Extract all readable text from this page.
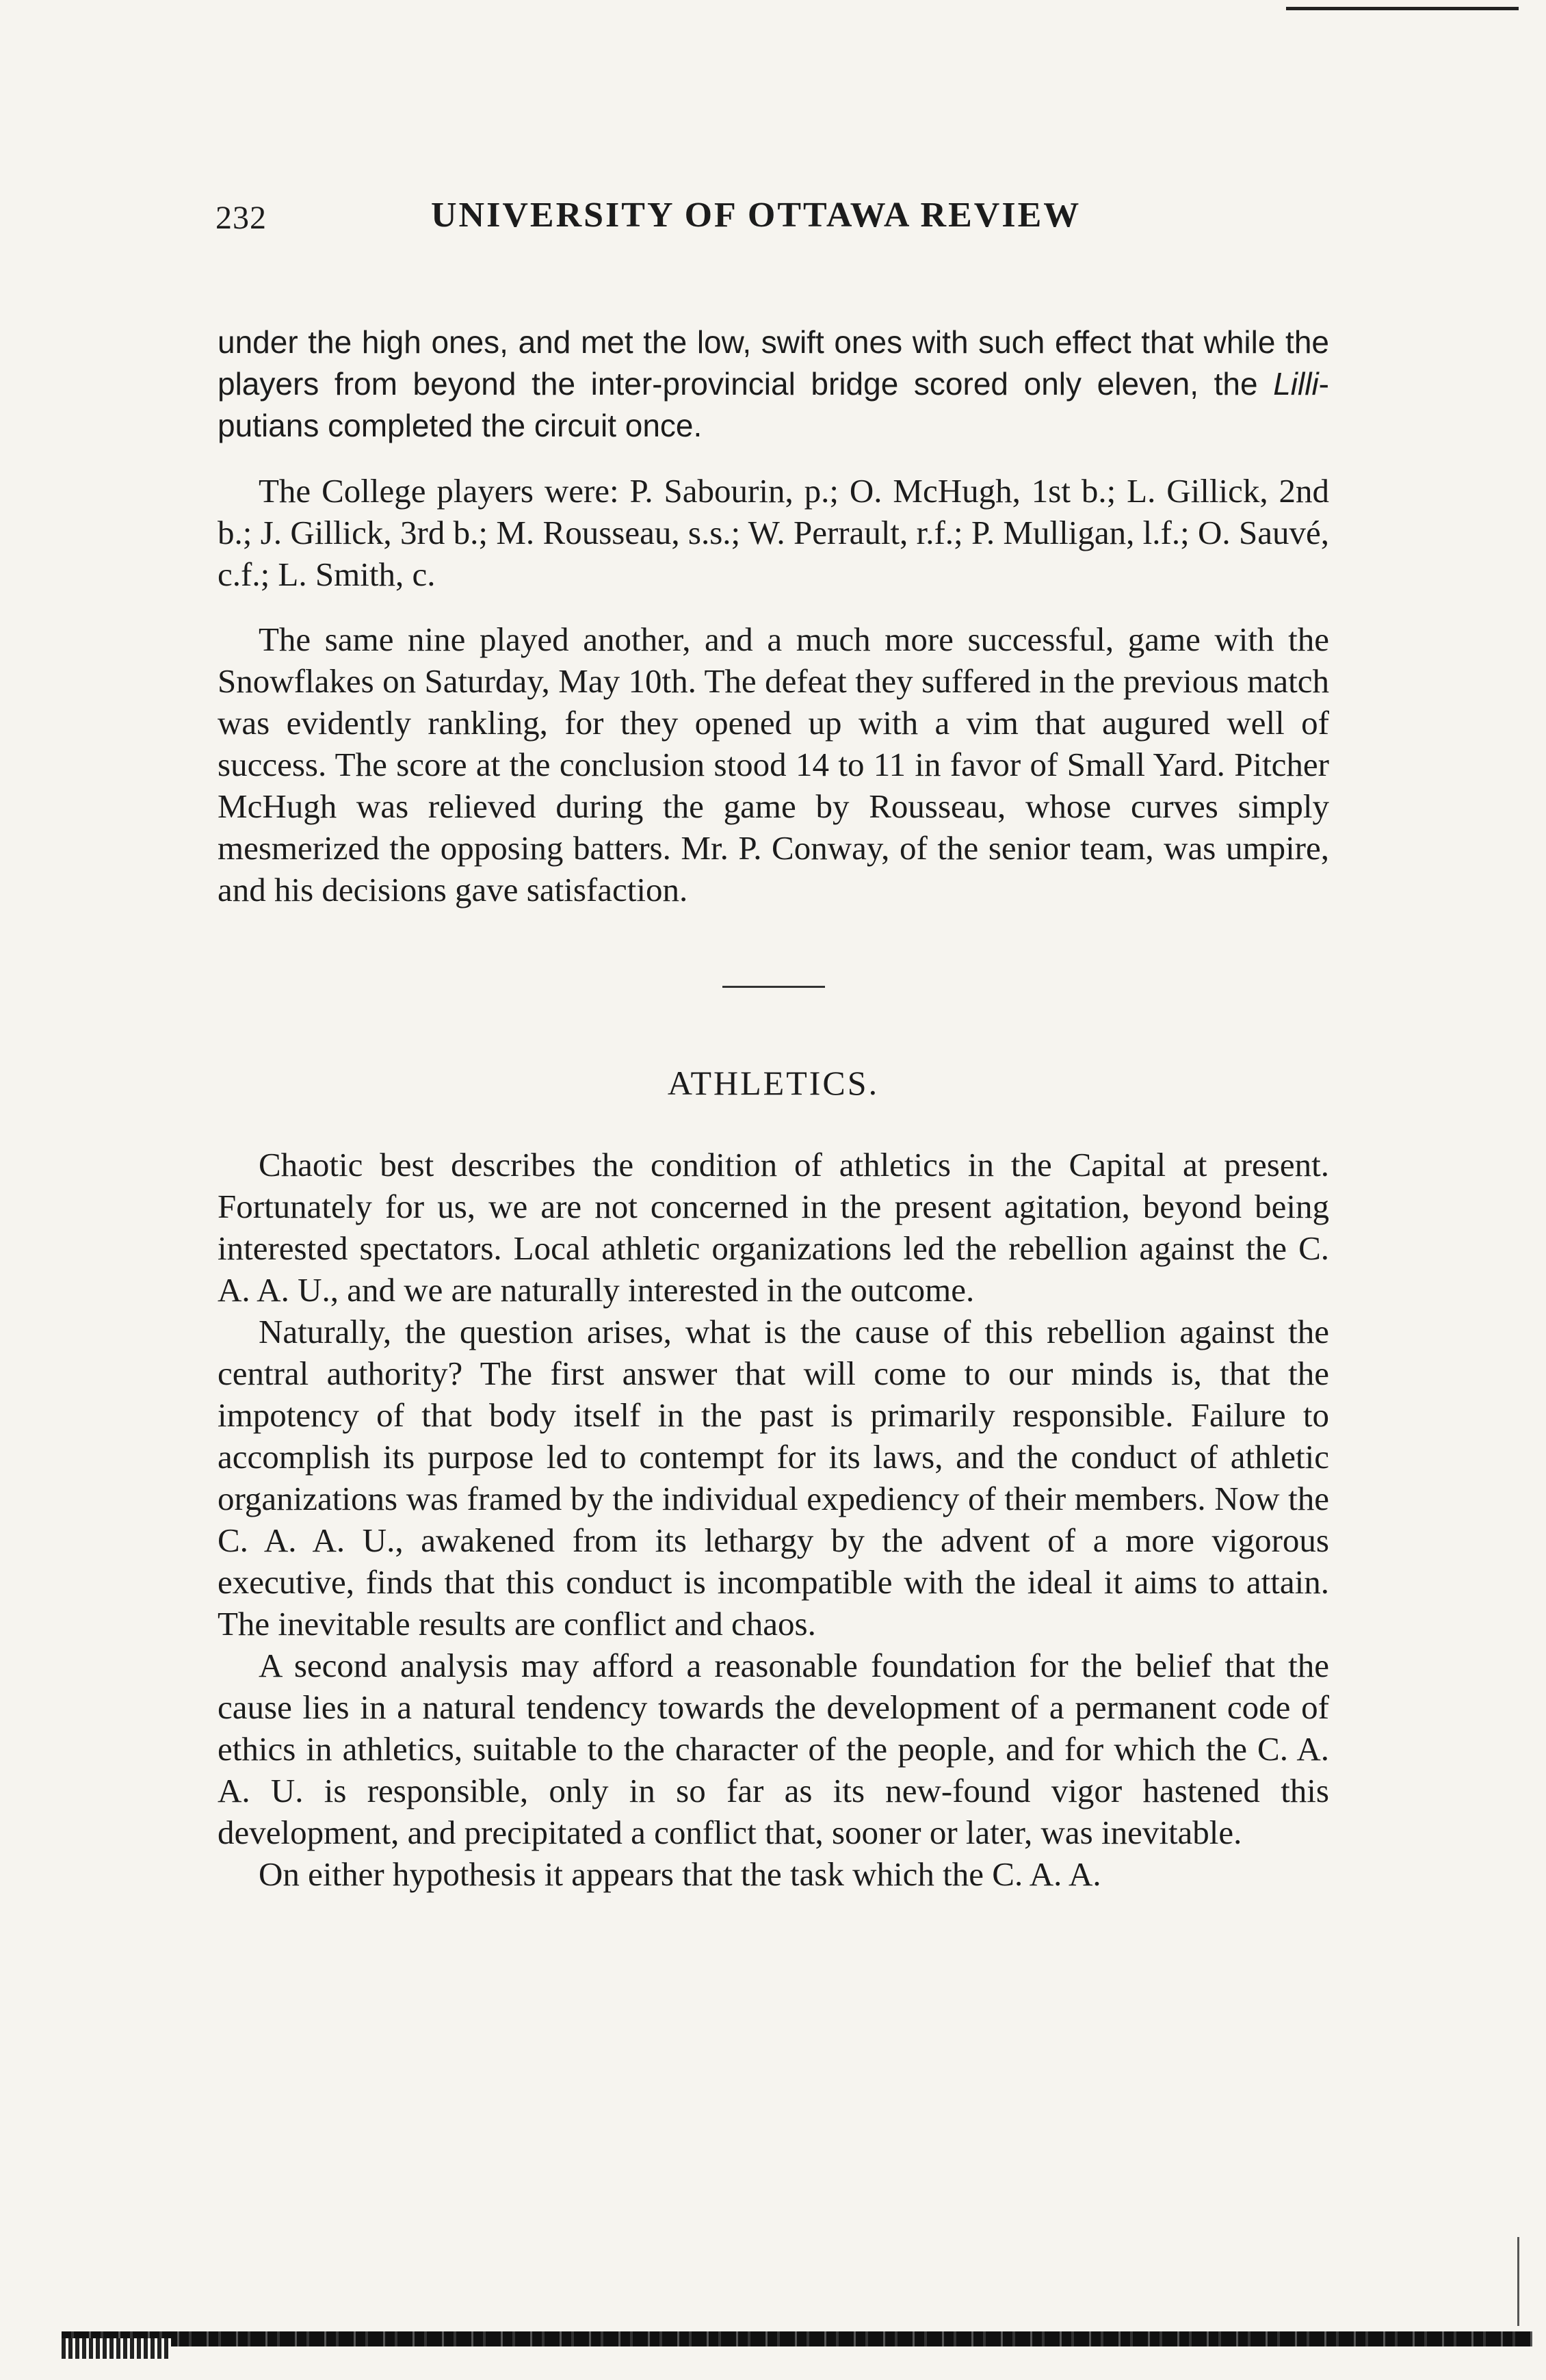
232	UNIVERSITY OF OTTAWA REVIEW

under the high ones, and met the low, swift ones with such effect that while the players from beyond the inter-provincial bridge scored only eleven, the Lilli-putians completed the circuit once.

The College players were: P. Sabourin, p.; O. McHugh, 1st b.; L. Gillick, 2nd b.; J. Gillick, 3rd b.; M. Rousseau, s.s.; W. Perrault, r.f.; P. Mulligan, l.f.; O. Sauvé, c.f.; L. Smith, c.

The same nine played another, and a much more successful, game with the Snowflakes on Saturday, May 10th. The defeat they suffered in the previous match was evidently rankling, for they opened up with a vim that augured well of success. The score at the conclusion stood 14 to 11 in favor of Small Yard. Pitcher McHugh was relieved during the game by Rousseau, whose curves simply mesmerized the opposing batters. Mr. P. Conway, of the senior team, was umpire, and his decisions gave satisfaction.

ATHLETICS.

Chaotic best describes the condition of athletics in the Capital at present. Fortunately for us, we are not concerned in the present agitation, beyond being interested spectators. Local athletic organizations led the rebellion against the C. A. A. U., and we are naturally interested in the outcome.

Naturally, the question arises, what is the cause of this rebellion against the central authority? The first answer that will come to our minds is, that the impotency of that body itself in the past is primarily responsible. Failure to accomplish its purpose led to contempt for its laws, and the conduct of athletic organizations was framed by the individual expediency of their members. Now the C. A. A. U., awakened from its lethargy by the advent of a more vigorous executive, finds that this conduct is incompatible with the ideal it aims to attain. The inevitable results are conflict and chaos.

A second analysis may afford a reasonable foundation for the belief that the cause lies in a natural tendency towards the development of a permanent code of ethics in athletics, suitable to the character of the people, and for which the C. A. A. U. is responsible, only in so far as its new-found vigor hastened this development, and precipitated a conflict that, sooner or later, was inevitable.

On either hypothesis it appears that the task which the C. A. A.
